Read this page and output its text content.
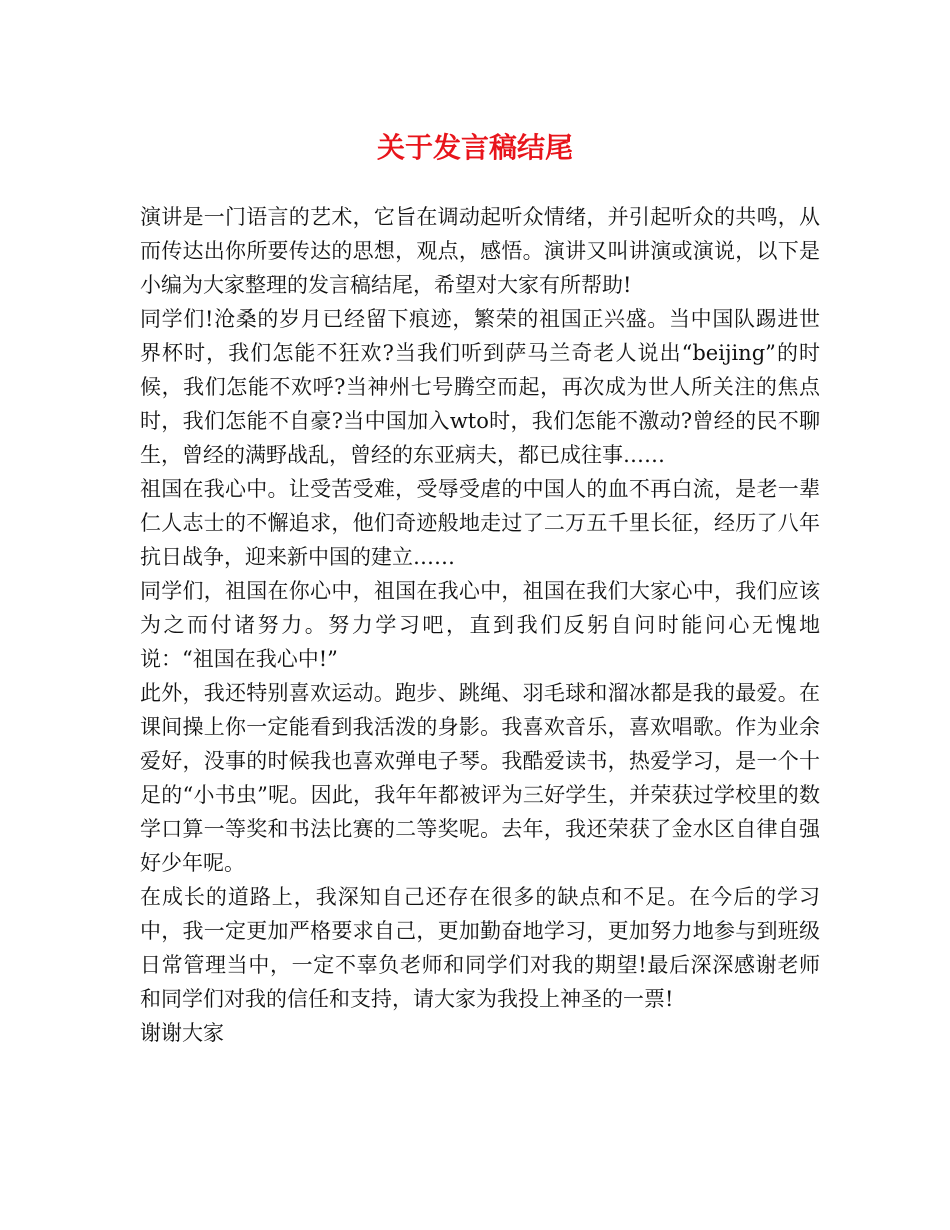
关于发言稿结尾

演讲是一门语言的艺术，它旨在调动起听众情绪，并引起听众的共鸣，从而传达出你所要传达的思想，观点，感悟。演讲又叫讲演或演说，以下是小编为大家整理的发言稿结尾，希望对大家有所帮助!

同学们!沧桑的岁月已经留下痕迹，繁荣的祖国正兴盛。当中国队踢进世界杯时，我们怎能不狂欢?当我们听到萨马兰奇老人说出“beijing”的时候，我们怎能不欢呼?当神州七号腾空而起，再次成为世人所关注的焦点时，我们怎能不自豪?当中国加入wto时，我们怎能不激动?曾经的民不聊生，曾经的满野战乱，曾经的东亚病夫，都已成往事……

祖国在我心中。让受苦受难，受辱受虐的中国人的血不再白流，是老一辈仁人志士的不懈追求，他们奇迹般地走过了二万五千里长征，经历了八年抗日战争，迎来新中国的建立……

同学们，祖国在你心中，祖国在我心中，祖国在我们大家心中，我们应该为之而付诸努力。努力学习吧，直到我们反躬自问时能问心无愧地说：“祖国在我心中!”

此外，我还特别喜欢运动。跑步、跳绳、羽毛球和溜冰都是我的最爱。在课间操上你一定能看到我活泼的身影。我喜欢音乐，喜欢唱歌。作为业余爱好，没事的时候我也喜欢弹电子琴。我酷爱读书，热爱学习，是一个十足的“小书虫”呢。因此，我年年都被评为三好学生，并荣获过学校里的数学口算一等奖和书法比赛的二等奖呢。去年，我还荣获了金水区自律自强好少年呢。

在成长的道路上，我深知自己还存在很多的缺点和不足。在今后的学习中，我一定更加严格要求自己，更加勤奋地学习，更加努力地参与到班级日常管理当中，一定不辜负老师和同学们对我的期望!最后深深感谢老师和同学们对我的信任和支持，请大家为我投上神圣的一票!

谢谢大家
